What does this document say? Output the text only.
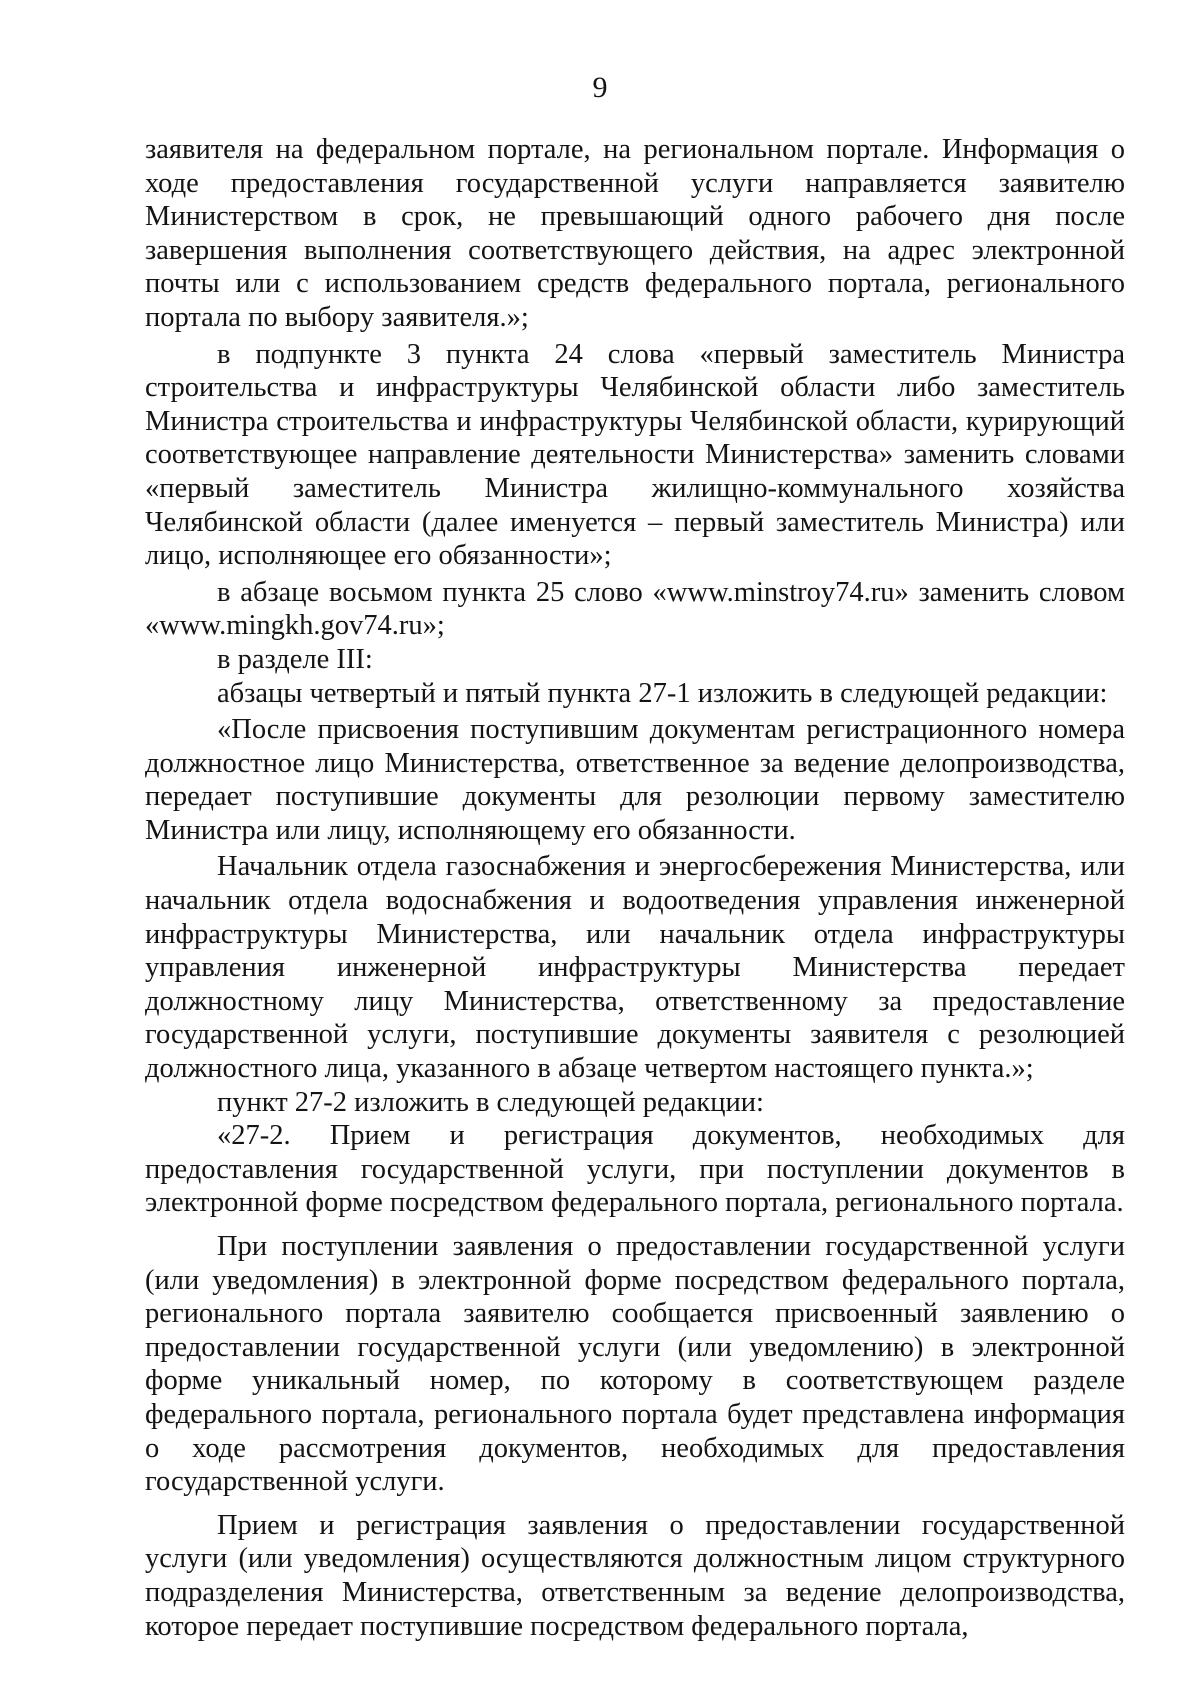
9

заявителя на федеральном портале, на региональном портале. Информация о ходе предоставления государственной услуги направляется заявителю Министерством в срок, не превышающий одного рабочего дня после завершения выполнения соответствующего действия, на адрес электронной почты или с использованием средств федерального портала, регионального портала по выбору заявителя.»;

в подпункте 3 пункта 24 слова «первый заместитель Министра строительства и инфраструктуры Челябинской области либо заместитель Министра строительства и инфраструктуры Челябинской области, курирующий соответствующее направление деятельности Министерства» заменить словами «первый заместитель Министра жилищно-коммунального хозяйства Челябинской области (далее именуется – первый заместитель Министра) или лицо, исполняющее его обязанности»;

в абзаце восьмом пункта 25 слово «www.minstroy74.ru» заменить словом «www.mingkh.gov74.ru»;

в разделе III:

абзацы четвертый и пятый пункта 27-1 изложить в следующей редакции:

«После присвоения поступившим документам регистрационного номера должностное лицо Министерства, ответственное за ведение делопроизводства, передает поступившие документы для резолюции первому заместителю Министра или лицу, исполняющему его обязанности.

Начальник отдела газоснабжения и энергосбережения Министерства, или начальник отдела водоснабжения и водоотведения управления инженерной инфраструктуры Министерства, или начальник отдела инфраструктуры управления инженерной инфраструктуры Министерства передает должностному лицу Министерства, ответственному за предоставление государственной услуги, поступившие документы заявителя с резолюцией должностного лица, указанного в абзаце четвертом настоящего пункта.»;

пункт 27-2 изложить в следующей редакции:

«27-2. Прием и регистрация документов, необходимых для предоставления государственной услуги, при поступлении документов в электронной форме посредством федерального портала, регионального портала.

При поступлении заявления о предоставлении государственной услуги (или уведомления) в электронной форме посредством федерального портала, регионального портала заявителю сообщается присвоенный заявлению о предоставлении государственной услуги (или уведомлению) в электронной форме уникальный номер, по которому в соответствующем разделе федерального портала, регионального портала будет представлена информация о ходе рассмотрения документов, необходимых для предоставления государственной услуги.

Прием и регистрация заявления о предоставлении государственной услуги (или уведомления) осуществляются должностным лицом структурного подразделения Министерства, ответственным за ведение делопроизводства, которое передает поступившие посредством федерального портала,
